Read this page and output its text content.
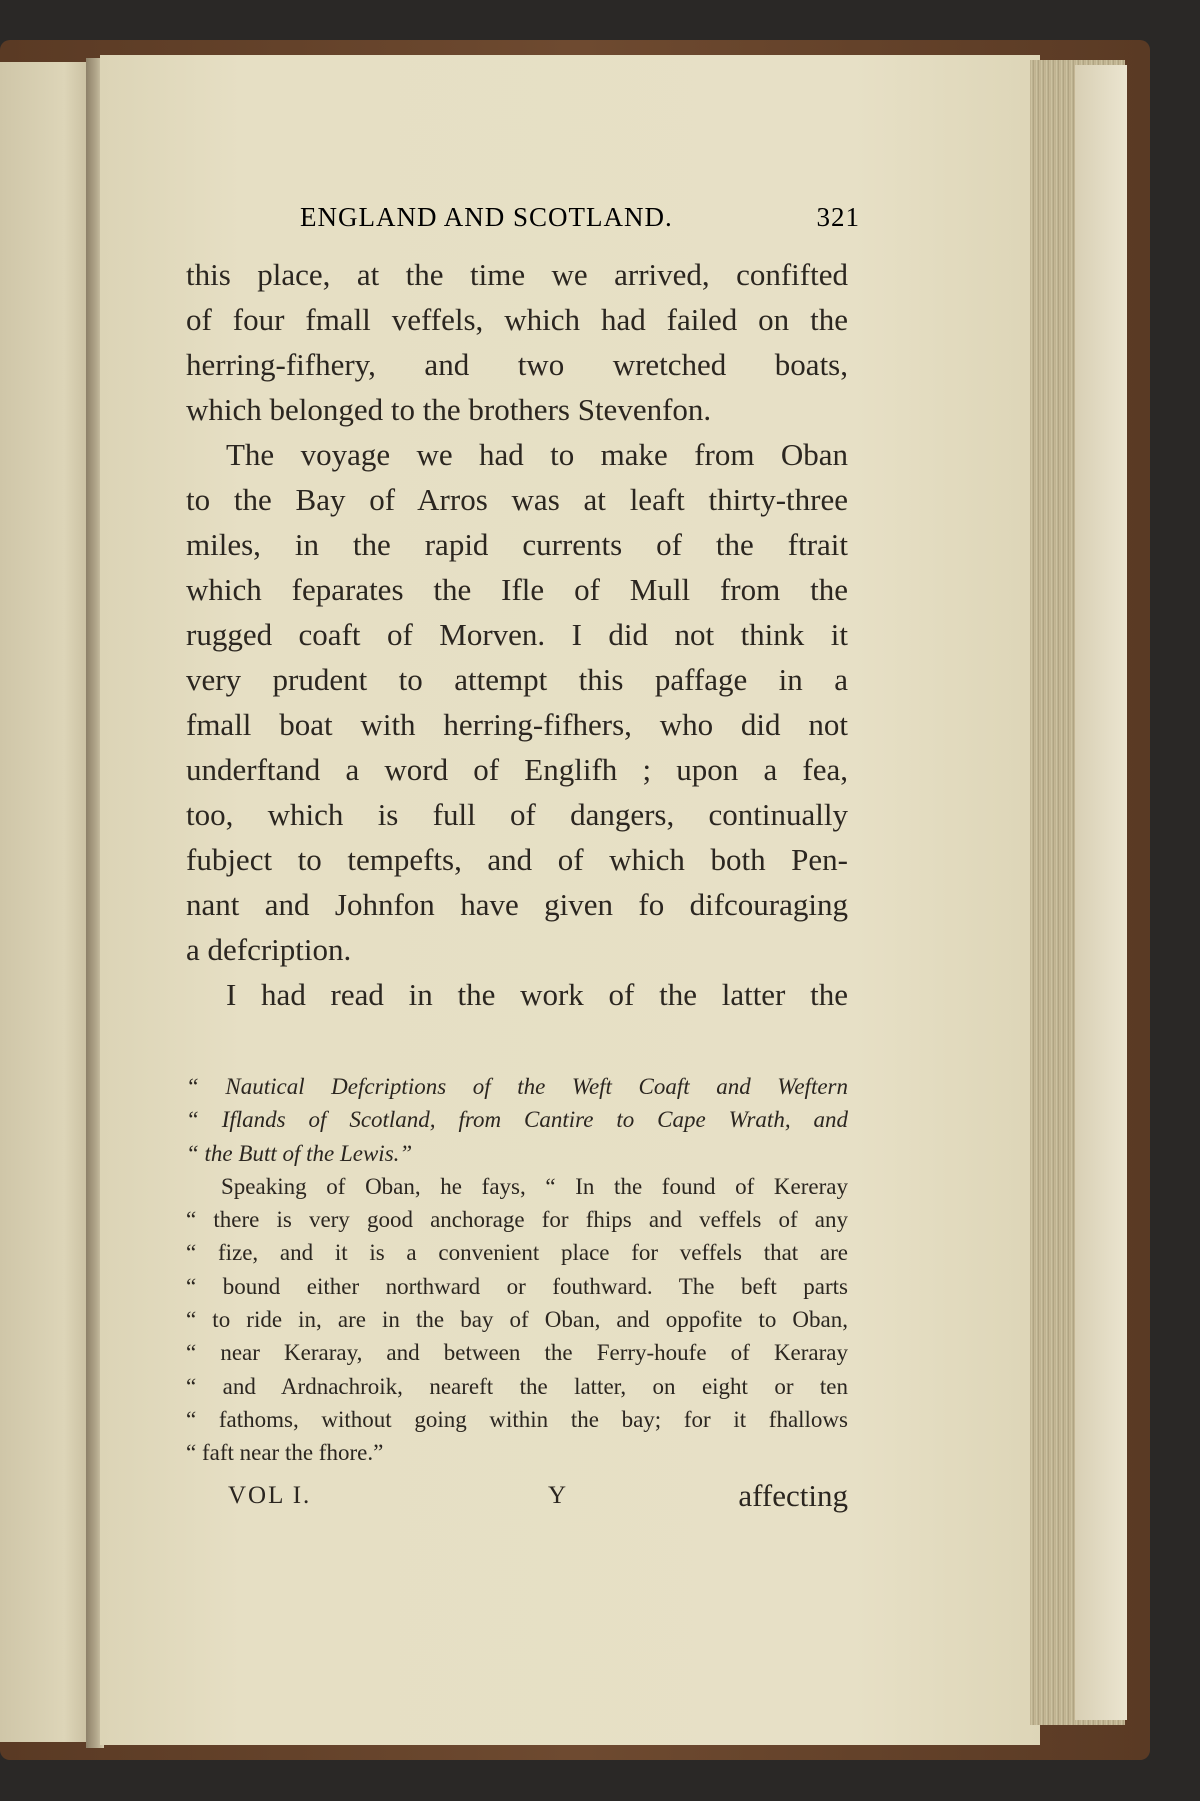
ENGLAND AND SCOTLAND.	321
this place, at the time we arrived, confifted
of four fmall veffels, which had failed on the
herring-fifhery, and two wretched boats,
which belonged to the brothers Stevenfon.
The voyage we had to make from Oban
to the Bay of Arros was at leaft thirty-three
miles, in the rapid currents of the ftrait
which feparates the Ifle of Mull from the
rugged coaft of Morven. I did not think it
very prudent to attempt this paffage in a
fmall boat with herring-fifhers, who did not
underftand a word of Englifh ; upon a fea,
too, which is full of dangers, continually
fubject to tempefts, and of which both Pen-
nant and Johnfon have given fo difcouraging
a defcription.
I had read in the work of the latter the
“ Nautical Defcriptions of the Weft Coaft and Weftern
“ Iflands of Scotland, from Cantire to Cape Wrath, and
“ the Butt of the Lewis.”
Speaking of Oban, he fays, “ In the found of Kereray
“ there is very good anchorage for fhips and veffels of any
“ fize, and it is a convenient place for veffels that are
“ bound either northward or fouthward. The beft parts
“ to ride in, are in the bay of Oban, and oppofite to Oban,
“ near Keraray, and between the Ferry-houfe of Keraray
“ and Ardnachroik, neareft the latter, on eight or ten
“ fathoms, without going within the bay; for it fhallows
“ faft near the fhore.”
VOL I.	Y	affecting
